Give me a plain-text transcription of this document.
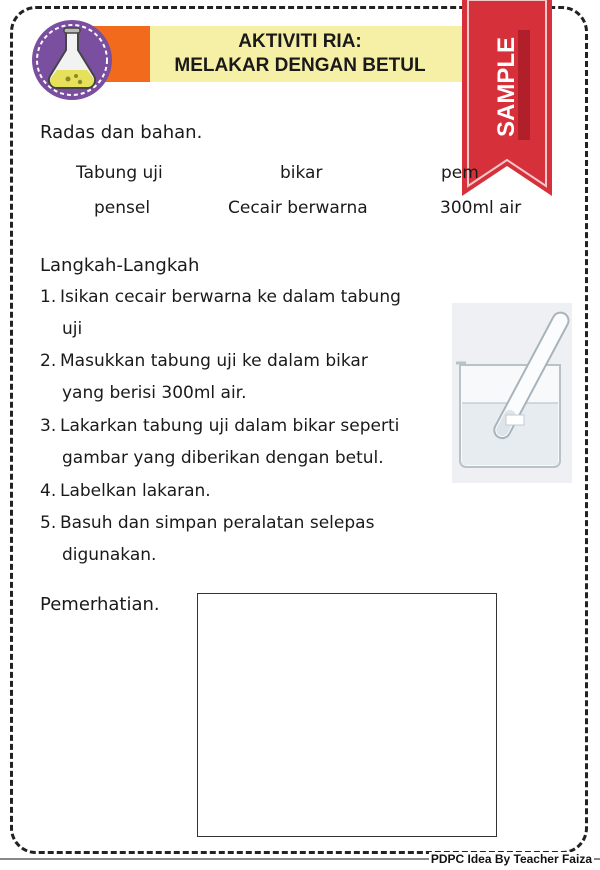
AKTIVITI RIA:
MELAKAR DENGAN BETUL	SAMPLE
Radas dan bahan.
Tabung uji	bikar	pem
pensel	Cecair berwarna	300ml air
Langkah-Langkah
1. Isikan cecair berwarna ke dalam tabung
uji
2. Masukkan tabung uji ke dalam bikar
yang berisi 300ml air.
3. Lakarkan tabung uji dalam bikar seperti
gambar yang diberikan dengan betul.
4. Labelkan lakaran.
5. Basuh dan simpan peralatan selepas
digunakan.
Pemerhatian.
PDPC Idea By Teacher Faiza
